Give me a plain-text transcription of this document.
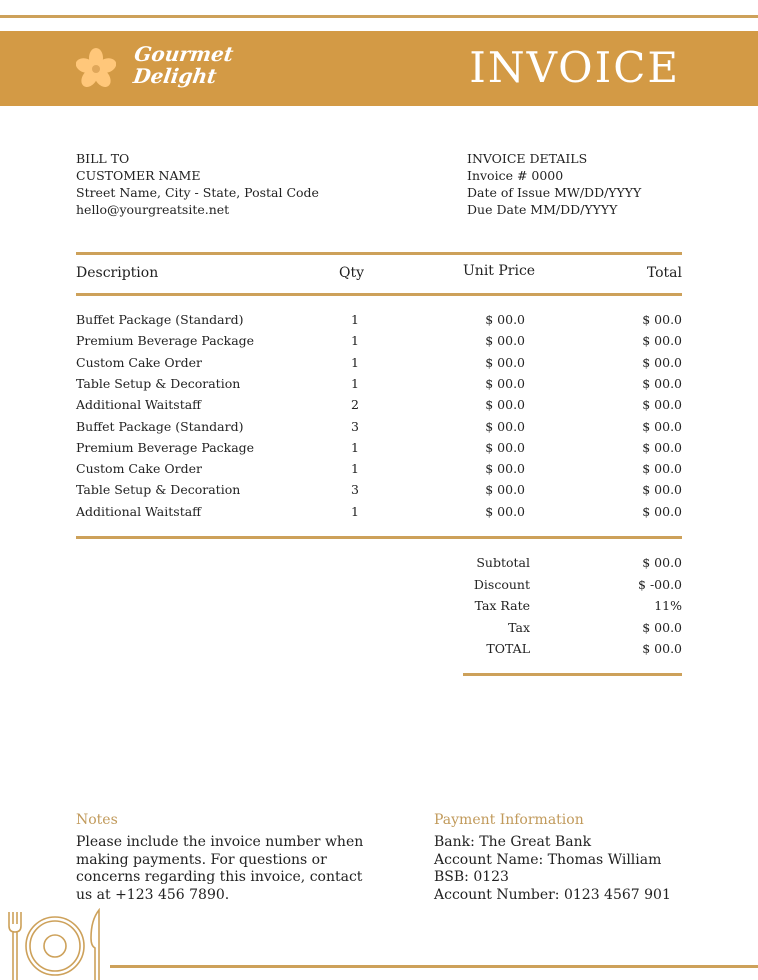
Gourmet
Delight	INVOICE
BILL TO
CUSTOMER NAME
Street Name, City - State, Postal Code
hello@yourgreatsite.net
INVOICE DETAILS
Invoice # 0000
Date of Issue MW/DD/YYYY
Due Date MM/DD/YYYY
Description	Qty	Unit Price	Total
Buffet Package (Standard)	1	$ 00.0	$ 00.0
Premium Beverage Package	1	$ 00.0	$ 00.0
Custom Cake Order	1	$ 00.0	$ 00.0
Table Setup & Decoration	1	$ 00.0	$ 00.0
Additional Waitstaff	2	$ 00.0	$ 00.0
Buffet Package (Standard)	3	$ 00.0	$ 00.0
Premium Beverage Package	1	$ 00.0	$ 00.0
Custom Cake Order	1	$ 00.0	$ 00.0
Table Setup & Decoration	3	$ 00.0	$ 00.0
Additional Waitstaff	1	$ 00.0	$ 00.0
Subtotal	$ 00.0
Discount	$ -00.0
Tax Rate	11%
Tax	$ 00.0
TOTAL	$ 00.0
Notes
Please include the invoice number when making payments. For questions or concerns regarding this invoice, contact us at +123 456 7890.
Payment Information
Bank: The Great Bank
Account Name: Thomas William
BSB: 0123
Account Number: 0123 4567 901
